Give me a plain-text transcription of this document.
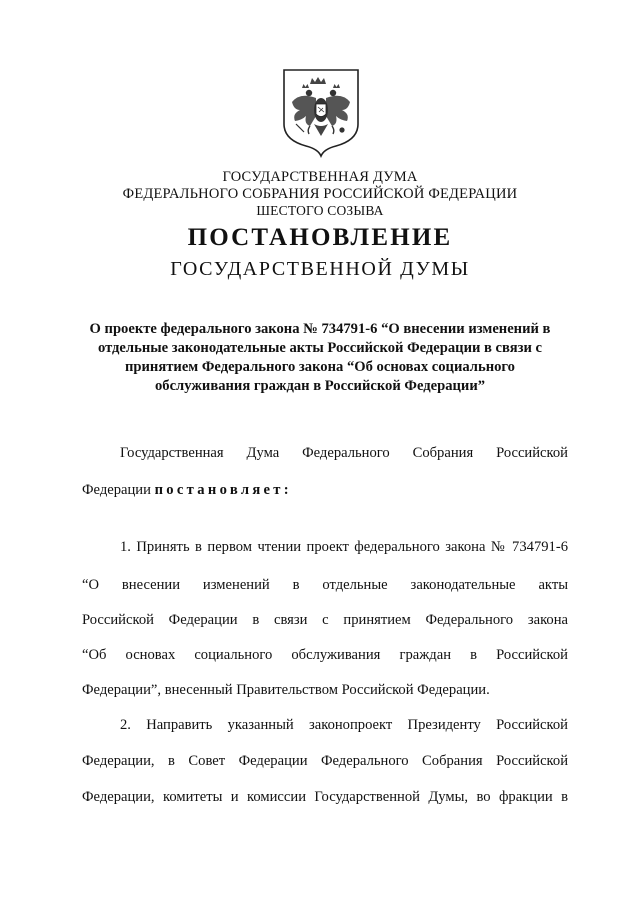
ГОСУДАРСТВЕННАЯ ДУМА
ФЕДЕРАЛЬНОГО СОБРАНИЯ РОССИЙСКОЙ ФЕДЕРАЦИИ
ШЕСТОГО СОЗЫВА
ПОСТАНОВЛЕНИЕ
ГОСУДАРСТВЕННОЙ ДУМЫ
О проекте федерального закона № 734791-6 “О внесении изменений в
отдельные законодательные акты Российской Федерации в связи с
принятием Федерального закона “Об основах социального
обслуживания граждан в Российской Федерации”
Государственная Дума Федерального Собрания Российской
Федерации постановляет:
1. Принять в первом чтении проект федерального закона № 734791-6
“О внесении изменений в отдельные законодательные акты
Российской Федерации в связи с принятием Федерального закона
“Об основах социального обслуживания граждан в Российской
Федерации”, внесенный Правительством Российской Федерации.
2. Направить указанный законопроект Президенту Российской
Федерации, в Совет Федерации Федерального Собрания Российской
Федерации, комитеты и комиссии Государственной Думы, во фракции в
